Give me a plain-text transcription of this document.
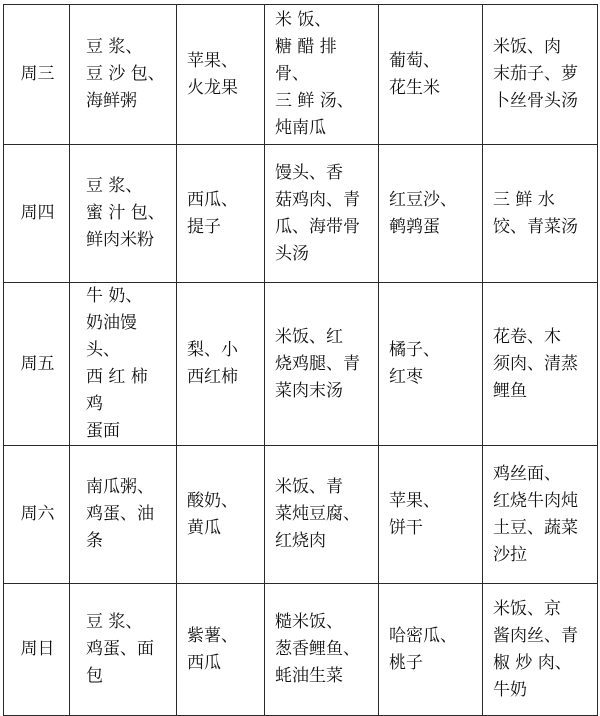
周三	豆 浆、
豆 沙 包、
海鲜粥	苹果、
火龙果	米 饭、
糖 醋 排 骨、
三 鲜 汤、
炖南瓜	葡萄、
花生米	米饭、肉
末茄子、萝
卜丝骨头汤

周四	豆 浆、
蜜 汁 包、
鲜肉米粉	西瓜、
提子	馒头、香
菇鸡肉、青
瓜、海带骨
头汤	红豆沙、
鹌鹑蛋	三 鲜 水
饺、青菜汤

周五	牛 奶、
奶油馒头、
西 红 柿 鸡
蛋面	梨、小
西红柿	米饭、红
烧鸡腿、青
菜肉末汤	橘子、
红枣	花卷、木
须肉、清蒸
鲤鱼

周六	南瓜粥、
鸡蛋、油条	酸奶、
黄瓜	米饭、青
菜炖豆腐、
红烧肉	苹果、
饼干	鸡丝面、
红烧牛肉炖
土豆、蔬菜
沙拉

周日	豆 浆、
鸡蛋、面包	紫薯、
西瓜	糙米饭、
葱香鲤鱼、
蚝油生菜	哈密瓜、
桃子	米饭、京
酱肉丝、青
椒 炒 肉、
牛奶
